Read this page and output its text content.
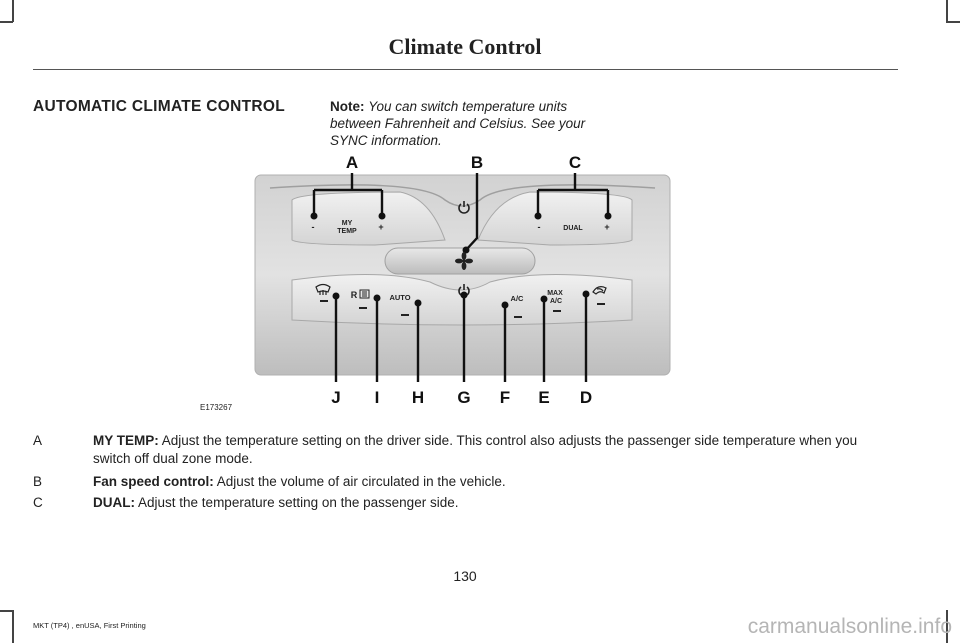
Climate Control
AUTOMATIC CLIMATE CONTROL	Note: You can switch temperature units between Fahrenheit and Celsius. See your SYNC information.
A	B	C
-	MY
TEMP +	-	DUAL +
R	AUTO	A/C
MAX
A/C
J I H G F E D
E173267
A	MY TEMP: Adjust the temperature setting on the driver side. This control also adjusts the passenger side temperature when you switch off dual zone mode.
B	Fan speed control: Adjust the volume of air circulated in the vehicle.
C	DUAL: Adjust the temperature setting on the passenger side.
130
MKT (TP4) , enUSA, First Printing	carmanualsonline.info
